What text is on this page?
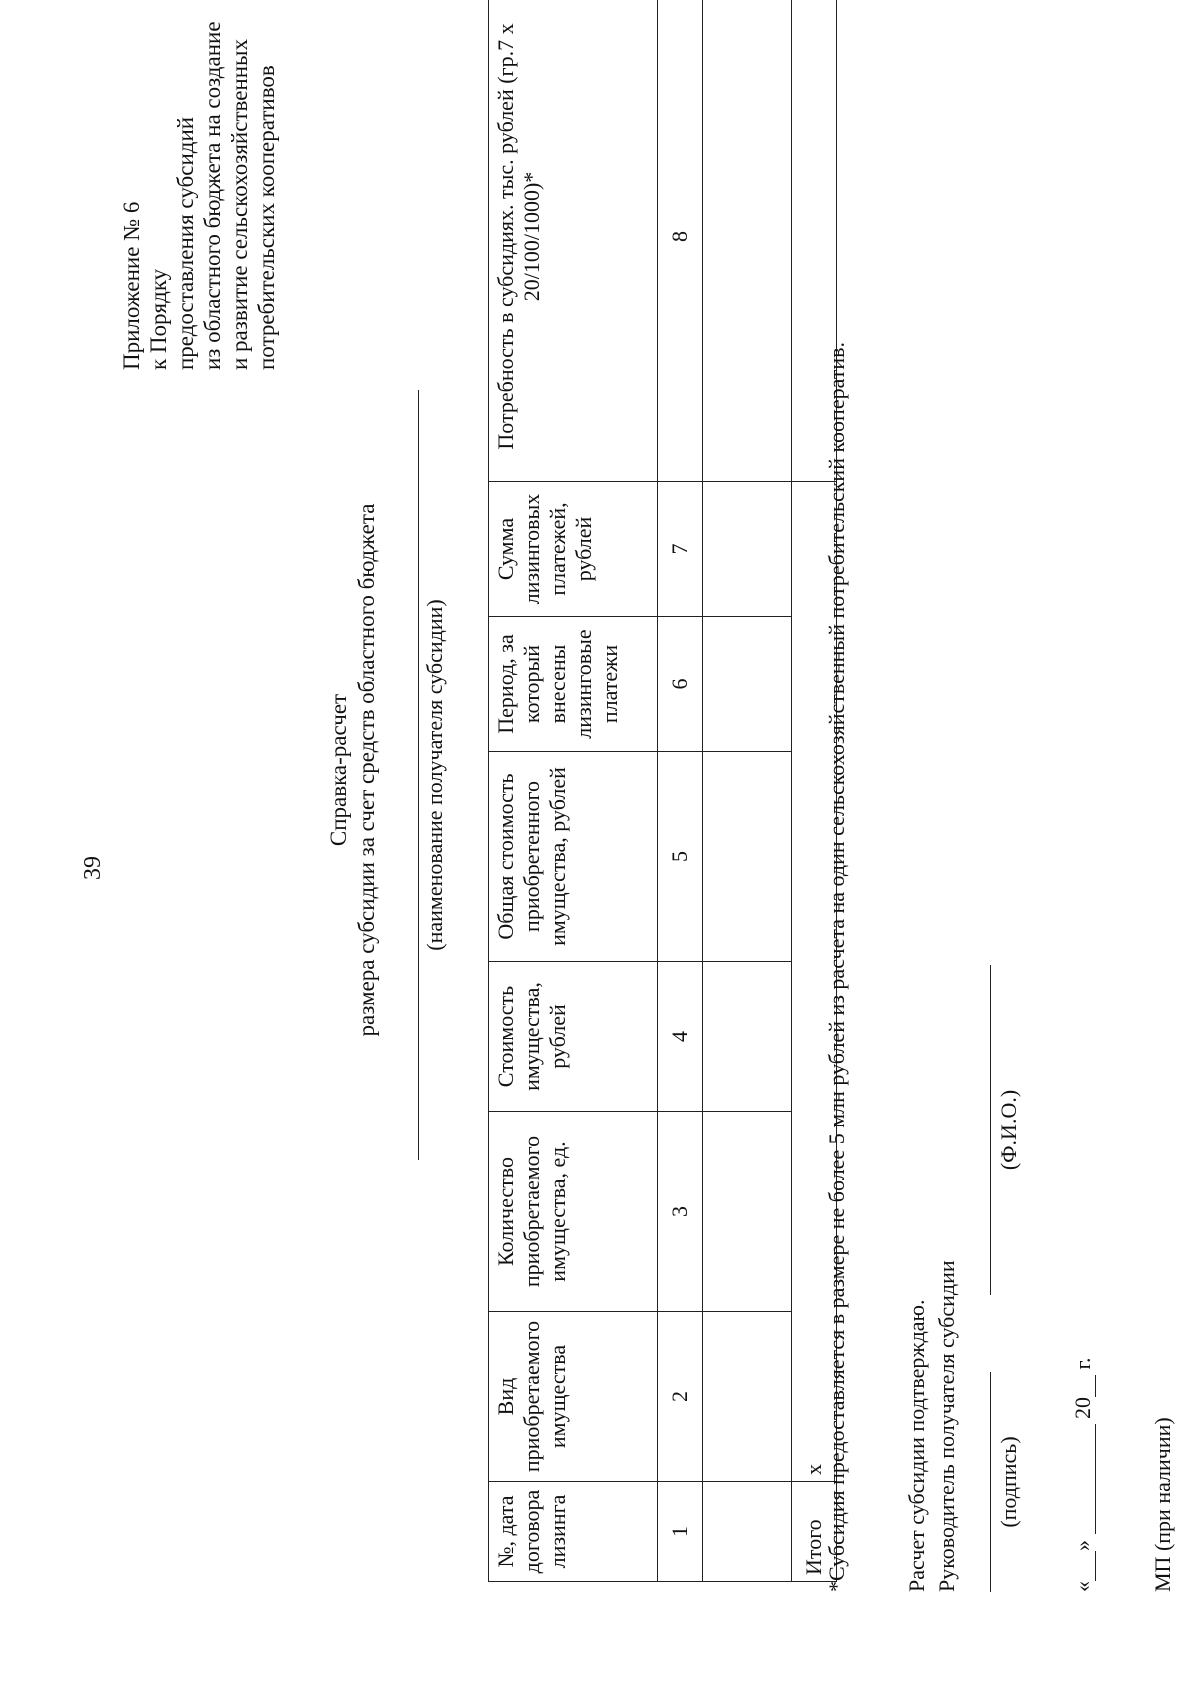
39
Приложение № 6 к Порядку предоставления субсидий из областного бюджета на создание и развитие сельскохозяйственных потребительских кооперативов
Справка-расчет размера субсидии за счет средств областного бюджета (наименование получателя субсидии)
№, дата договора лизинга	Вид приобретаемого имущества	Количество приобретаемого имущества, ед.	Стоимость имущества, рублей	Общая стоимость приобретенного имущества, рублей	Период, за который внесены лизинговые платежи	Сумма лизинговых платежей, рублей	Потребность в субсидиях. тыс. рублей (гр.7 х 20/100/1000)*
1	2	3	4	5	6	7	8

Итого	х						
*Субсидия предоставляется в размере не более 5 млн рублей из расчета на один сельскохозяйственный потребительский кооператив.	Расчет субсидии подтверждаю. Руководитель получателя субсидии (подпись)
(Ф.И.О.)
«»  20 г.
МП (при наличии)
